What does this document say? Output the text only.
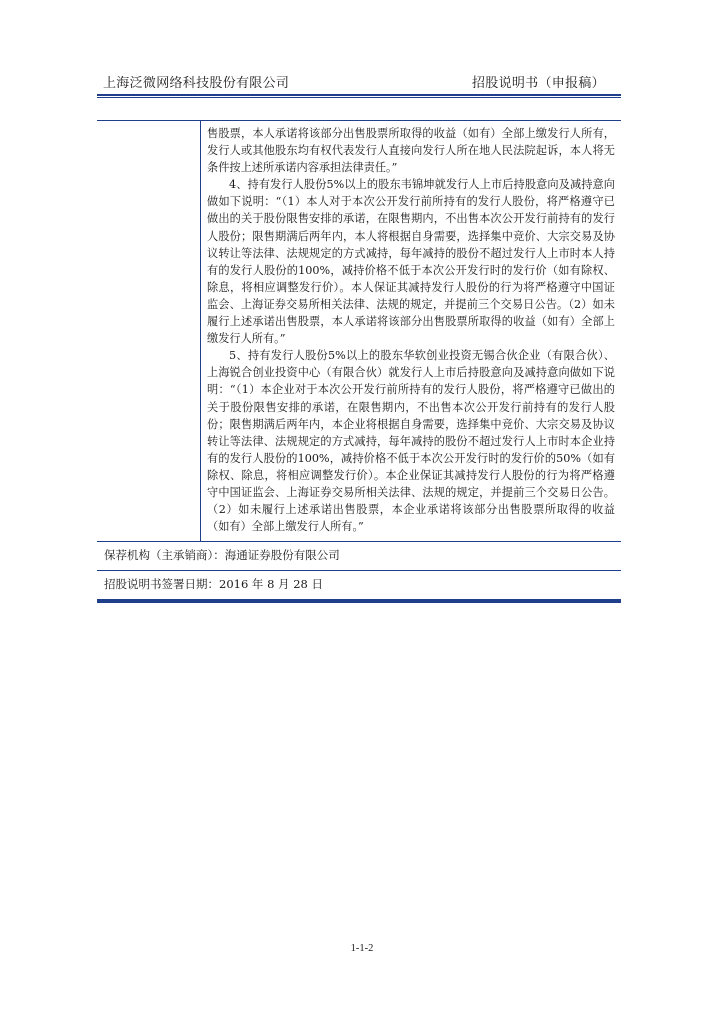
上海泛微网络科技股份有限公司	招股说明书（申报稿）

售股票，本人承诺将该部分出售股票所取得的收益（如有）全部上缴发行人所有，发行人或其他股东均有权代表发行人直接向发行人所在地人民法院起诉，本人将无条件按上述所承诺内容承担法律责任。”

4、持有发行人股份5%以上的股东韦锦坤就发行人上市后持股意向及减持意向做如下说明：“（1）本人对于本次公开发行前所持有的发行人股份，将严格遵守已做出的关于股份限售安排的承诺，在限售期内，不出售本次公开发行前持有的发行人股份；限售期满后两年内，本人将根据自身需要，选择集中竞价、大宗交易及协议转让等法律、法规规定的方式减持，每年减持的股份不超过发行人上市时本人持有的发行人股份的100%，减持价格不低于本次公开发行时的发行价（如有除权、除息，将相应调整发行价）。本人保证其减持发行人股份的行为将严格遵守中国证监会、上海证券交易所相关法律、法规的规定，并提前三个交易日公告。（2）如未履行上述承诺出售股票，本人承诺将该部分出售股票所取得的收益（如有）全部上缴发行人所有。”

5、持有发行人股份5%以上的股东华软创业投资无锡合伙企业（有限合伙）、上海锐合创业投资中心（有限合伙）就发行人上市后持股意向及减持意向做如下说明：“（1）本企业对于本次公开发行前所持有的发行人股份，将严格遵守已做出的关于股份限售安排的承诺，在限售期内，不出售本次公开发行前持有的发行人股份；限售期满后两年内，本企业将根据自身需要，选择集中竞价、大宗交易及协议转让等法律、法规规定的方式减持，每年减持的股份不超过发行人上市时本企业持有的发行人股份的100%，减持价格不低于本次公开发行时的发行价的50%（如有除权、除息，将相应调整发行价）。本企业保证其减持发行人股份的行为将严格遵守中国证监会、上海证券交易所相关法律、法规的规定，并提前三个交易日公告。（2）如未履行上述承诺出售股票，本企业承诺将该部分出售股票所取得的收益（如有）全部上缴发行人所有。”

保荐机构（主承销商）：海通证券股份有限公司
招股说明书签署日期：2016 年 8 月 28 日
1-1-2
